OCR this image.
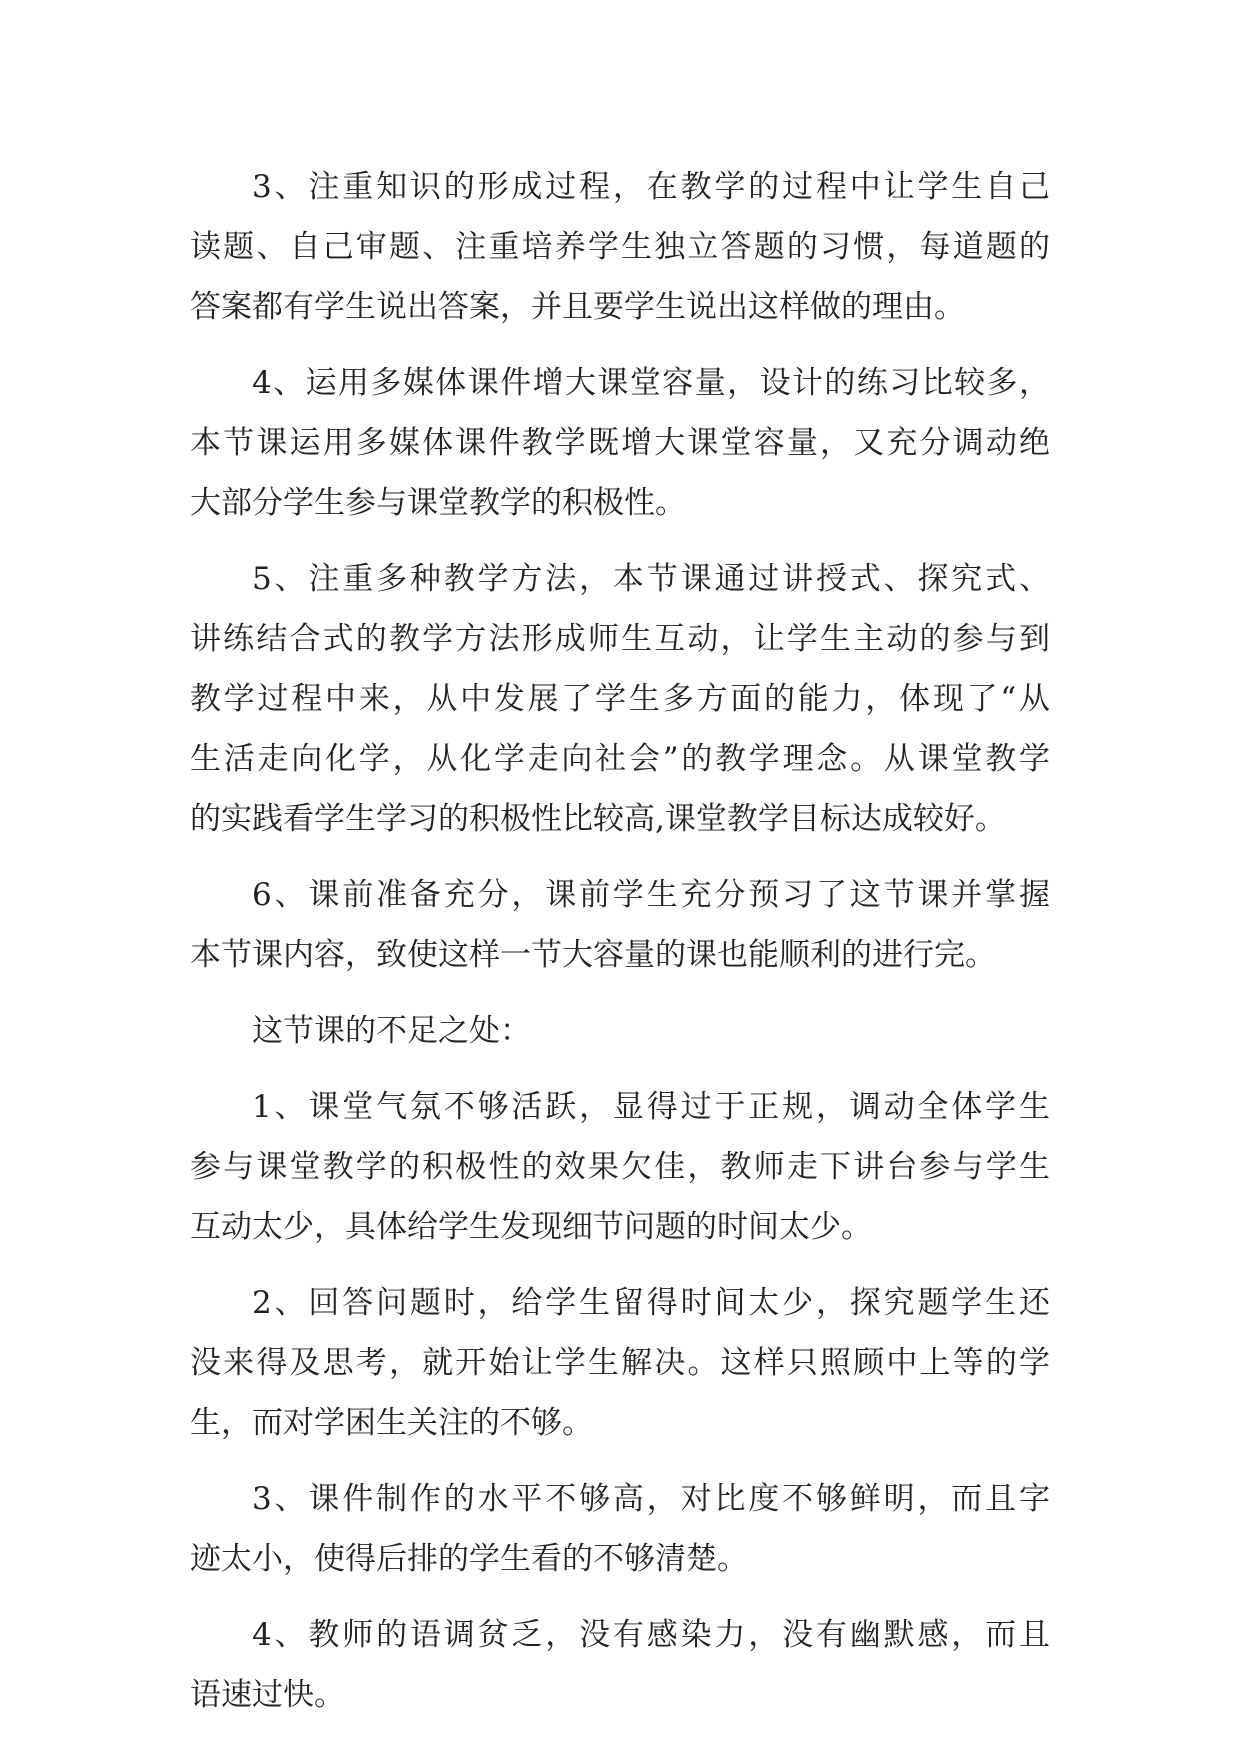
3、注重知识的形成过程，在教学的过程中让学生自己
读题、自己审题、注重培养学生独立答题的习惯，每道题的
答案都有学生说出答案，并且要学生说出这样做的理由。
4、运用多媒体课件增大课堂容量，设计的练习比较多，
本节课运用多媒体课件教学既增大课堂容量，又充分调动绝
大部分学生参与课堂教学的积极性。
5、注重多种教学方法，本节课通过讲授式、探究式、
讲练结合式的教学方法形成师生互动，让学生主动的参与到
教学过程中来，从中发展了学生多方面的能力，体现了“从
生活走向化学，从化学走向社会”的教学理念。从课堂教学
的实践看学生学习的积极性比较高,课堂教学目标达成较好。
6、课前准备充分，课前学生充分预习了这节课并掌握
本节课内容，致使这样一节大容量的课也能顺利的进行完。
这节课的不足之处：
1、课堂气氛不够活跃，显得过于正规，调动全体学生
参与课堂教学的积极性的效果欠佳，教师走下讲台参与学生
互动太少，具体给学生发现细节问题的时间太少。
2、回答问题时，给学生留得时间太少，探究题学生还
没来得及思考，就开始让学生解决。这样只照顾中上等的学
生，而对学困生关注的不够。
3、课件制作的水平不够高，对比度不够鲜明，而且字
迹太小，使得后排的学生看的不够清楚。
4、教师的语调贫乏，没有感染力，没有幽默感，而且
语速过快。
